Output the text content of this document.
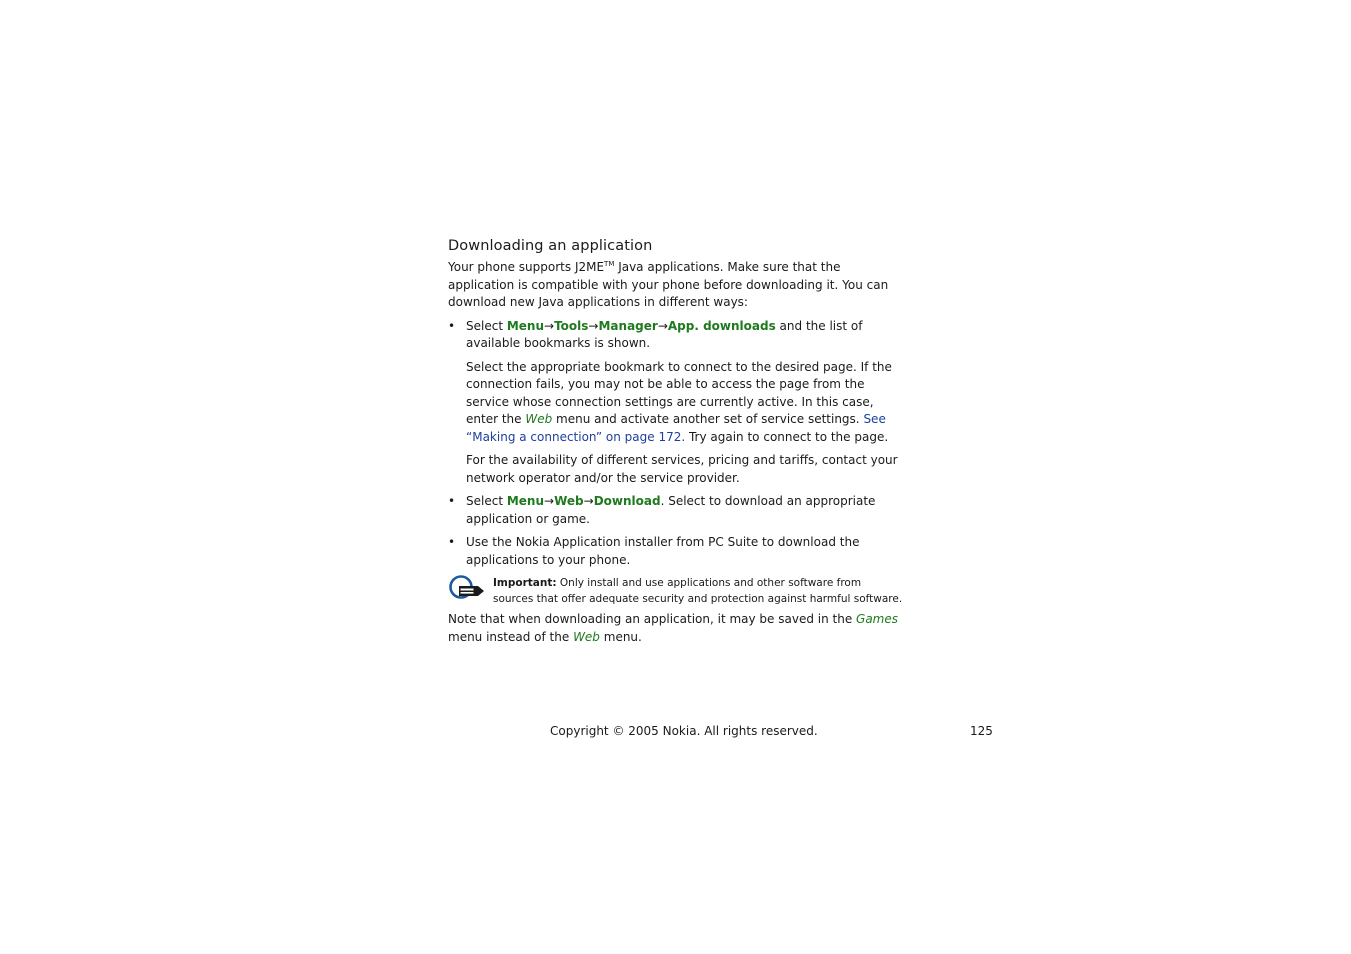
Downloading an application

Your phone supports J2ME™ Java applications. Make sure that the application is compatible with your phone before downloading it. You can download new Java applications in different ways:

• Select Menu→Tools→Manager→App. downloads and the list of available bookmarks is shown.

Select the appropriate bookmark to connect to the desired page. If the connection fails, you may not be able to access the page from the service whose connection settings are currently active. In this case, enter the Web menu and activate another set of service settings. See “Making a connection” on page 172. Try again to connect to the page.

For the availability of different services, pricing and tariffs, contact your network operator and/or the service provider.

• Select Menu→Web→Download. Select to download an appropriate application or game.

• Use the Nokia Application installer from PC Suite to download the applications to your phone.

Important: Only install and use applications and other software from sources that offer adequate security and protection against harmful software.

Note that when downloading an application, it may be saved in the Games menu instead of the Web menu.

Copyright © 2005 Nokia. All rights reserved.	125
